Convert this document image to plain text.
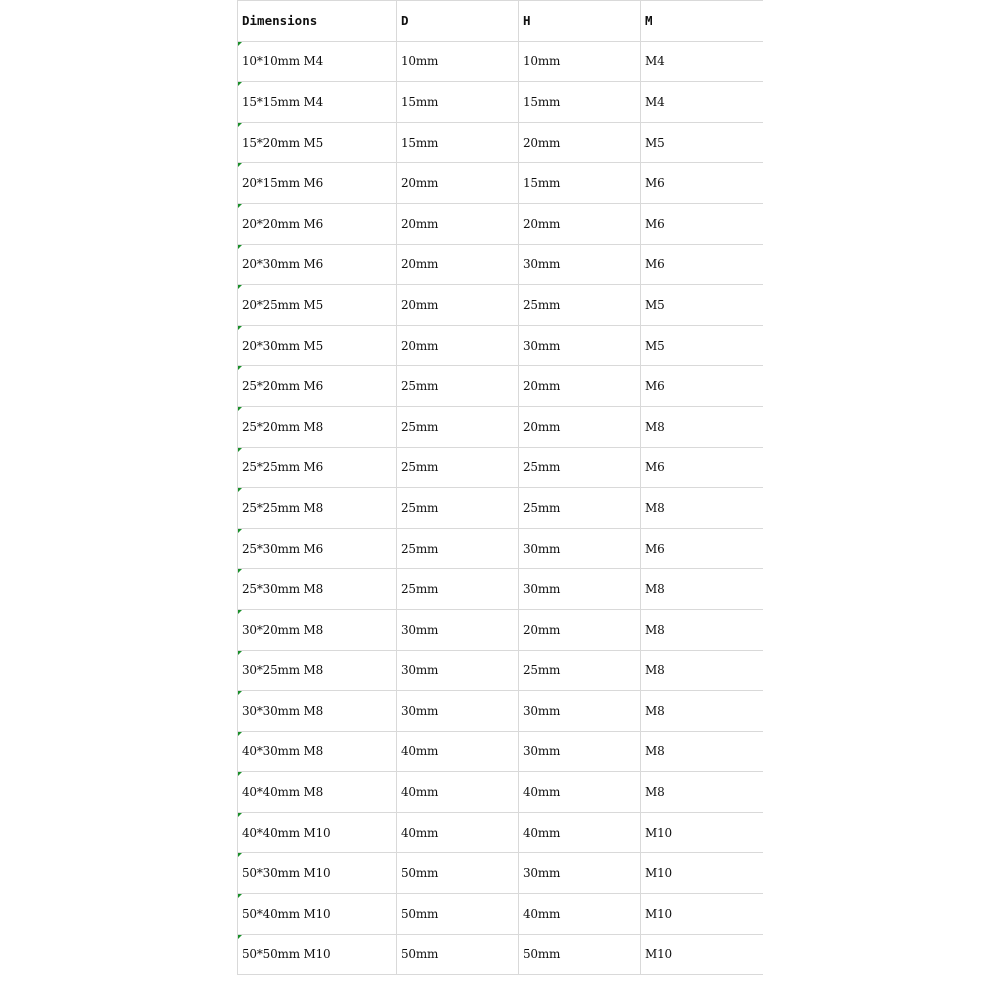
Dimensions	D	H	M

10*10mm M4	10mm	10mm	M4

15*15mm M4	15mm	15mm	M4

15*20mm M5	15mm	20mm	M5

20*15mm M6	20mm	15mm	M6

20*20mm M6	20mm	20mm	M6

20*30mm M6	20mm	30mm	M6

20*25mm M5	20mm	25mm	M5

20*30mm M5	20mm	30mm	M5

25*20mm M6	25mm	20mm	M6

25*20mm M8	25mm	20mm	M8

25*25mm M6	25mm	25mm	M6

25*25mm M8	25mm	25mm	M8

25*30mm M6	25mm	30mm	M6

25*30mm M8	25mm	30mm	M8

30*20mm M8	30mm	20mm	M8

30*25mm M8	30mm	25mm	M8

30*30mm M8	30mm	30mm	M8

40*30mm M8	40mm	30mm	M8

40*40mm M8	40mm	40mm	M8

40*40mm M10	40mm	40mm	M10

50*30mm M10	50mm	30mm	M10

50*40mm M10	50mm	40mm	M10

50*50mm M10	50mm	50mm	M10
